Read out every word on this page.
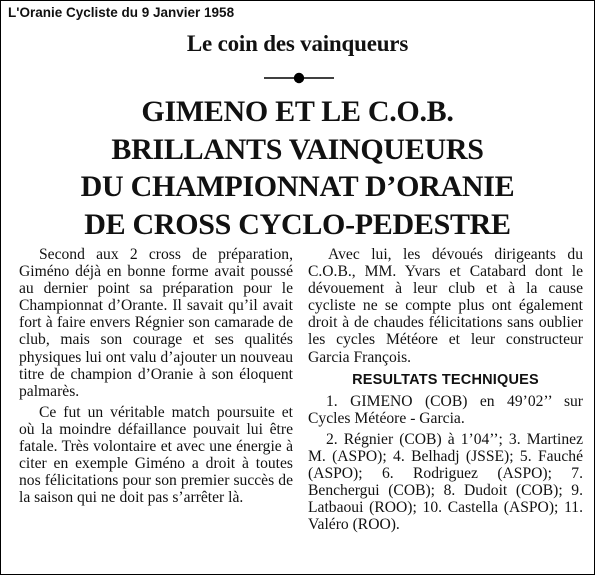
L'Oranie Cycliste du 9 Janvier 1958
Le coin des vainqueurs
GIMENO ET LE C.O.B.
BRILLANTS VAINQUEURS
DU CHAMPIONNAT D’ORANIE
DE CROSS CYCLO-PEDESTRE

Second aux 2 cross de préparation, Giméno déjà en bonne forme avait poussé au dernier point sa préparation pour le Championnat d’Orante. Il savait qu’il avait fort à faire envers Régnier son camarade de club, mais son courage et ses qualités physiques lui ont valu d’ajouter un nouveau titre de champion d’Oranie à son éloquent palmarès.

Ce fut un véritable match poursuite et où la moindre défaillance pouvait lui être fatale. Très volontaire et avec une énergie à citer en exemple Giméno a droit à toutes nos félicitations pour son premier succès de la saison qui ne doit pas s’arrêter là.

Avec lui, les dévoués dirigeants du C.O.B., MM. Yvars et Catabard dont le dévouement à leur club et à la cause cycliste ne se compte plus ont également droit à de chaudes félicitations sans oublier les cycles Météore et leur constructeur Garcia François.

RESULTATS TECHNIQUES

1. GIMENO (COB) en 49’02’’ sur Cycles Météore - Garcia.

2. Régnier (COB) à 1’04’’; 3. Martinez M. (ASPO); 4. Belhadj (JSSE); 5. Fauché (ASPO); 6. Rodriguez (ASPO); 7. Benchergui (COB); 8. Dudoit (COB); 9. Latbaoui (ROO); 10. Castella (ASPO); 11. Valéro (ROO).
